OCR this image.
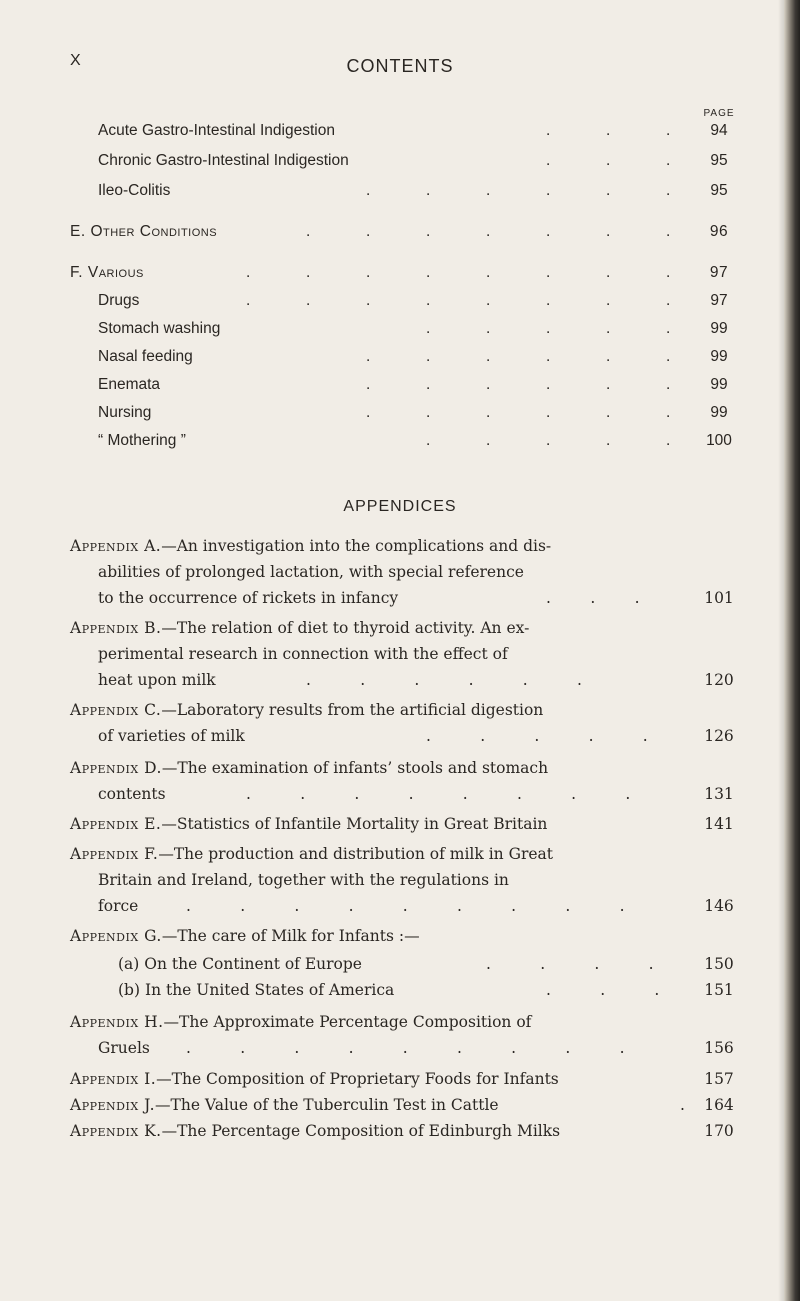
X	CONTENTS
PAGE
Acute Gastro-Intestinal Indigestion	.	.	.	94
Chronic Gastro-Intestinal Indigestion	.	.	.	95
Ileo-Colitis	.	.	.	.	.	.	95
E. Other Conditions	.	.	.	.	.	.	.	96
F. Various	.	.	.	.	.	.	.	.	97
Drugs	.	.	.	.	.	.	.	.	97
Stomach washing	.	.	.	.	.	99
Nasal feeding	.	.	.	.	.	.	99
Enemata	.	.	.	.	.	.	99
Nursing	.	.	.	.	.	.	99
“ Mothering ”	.	.	.	.	.	100
APPENDICES
Appendix A.—An investigation into the complications and dis-
abilities of prolonged lactation, with special reference
to the occurrence of rickets in infancy	.        .        .	101
Appendix B.—The relation of diet to thyroid activity. An ex-
perimental research in connection with the effect of
heat upon milk	.          .          .          .          .          .	120
Appendix C.—Laboratory results from the artificial digestion
of varieties of milk	.          .          .          .          .	126
Appendix D.—The examination of infants’ stools and stomach
contents	.          .          .          .          .          .          .          .	131
Appendix E.—Statistics of Infantile Mortality in Great Britain	141
Appendix F.—The production and distribution of milk in Great
Britain and Ireland, together with the regulations in
force	.          .          .          .          .          .          .          .          .	146
Appendix G.—The care of Milk for Infants :—
(a) On the Continent of Europe	.          .          .          .	150
(b) In the United States of America	.          .          .	151
Appendix H.—The Approximate Percentage Composition of
Gruels .          .          .          .          .          .          .          .          .	156
Appendix I.—The Composition of Proprietary Foods for Infants	157
Appendix J.—The Value of the Tuberculin Test in Cattle	.	164
Appendix K.—The Percentage Composition of Edinburgh Milks	170
